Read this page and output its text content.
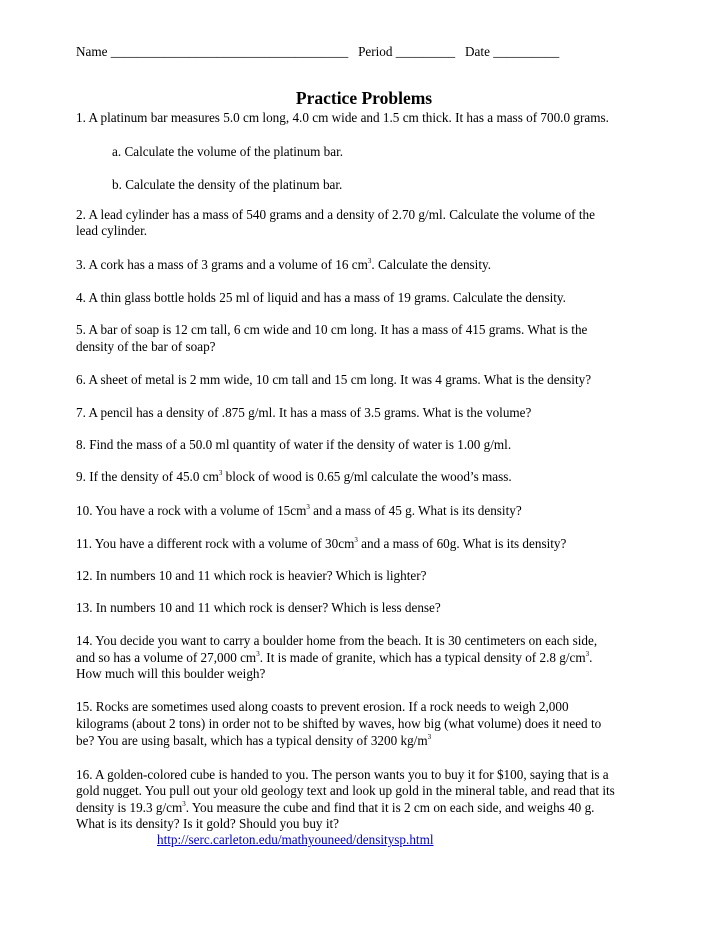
Name ____________________________________ Period _________ Date __________
Practice Problems
1. A platinum bar measures 5.0 cm long, 4.0 cm wide and 1.5 cm thick. It has a mass of 700.0 grams.
a. Calculate the volume of the platinum bar.
b. Calculate the density of the platinum bar.
2. A lead cylinder has a mass of 540 grams and a density of 2.70 g/ml. Calculate the volume of the
lead cylinder.
3. A cork has a mass of 3 grams and a volume of 16 $cm^3$. Calculate the density.
4. A thin glass bottle holds 25 ml of liquid and has a mass of 19 grams. Calculate the density.
5. A bar of soap is 12 cm tall, 6 cm wide and 10 cm long. It has a mass of 415 grams. What is the
density of the bar of soap?
6. A sheet of metal is 2 mm wide, 10 cm tall and 15 cm long. It was 4 grams. What is the density?
7. A pencil has a density of .875 g/ml. It has a mass of 3.5 grams. What is the volume?
8. Find the mass of a 50.0 ml quantity of water if the density of water is 1.00 g/ml.
9. If the density of 45.0 $cm^3$ block of wood is 0.65 g/ml calculate the wood’s mass.
10. You have a rock with a volume of $15cm^3$ and a mass of 45 g. What is its density?
11. You have a different rock with a volume of $30cm^3$ and a mass of 60g. What is its density?
12. In numbers 10 and 11 which rock is heavier? Which is lighter?
13. In numbers 10 and 11 which rock is denser? Which is less dense?
14. You decide you want to carry a boulder home from the beach. It is 30 centimeters on each side,
and so has a volume of 27,000 $cm^3$. It is made of granite, which has a typical density of 2.8 $g/cm^3$.
How much will this boulder weigh?
15. Rocks are sometimes used along coasts to prevent erosion. If a rock needs to weigh 2,000
kilograms (about 2 tons) in order not to be shifted by waves, how big (what volume) does it need to
be? You are using basalt, which has a typical density of 3200 $kg/m^3$
16. A golden-colored cube is handed to you. The person wants you to buy it for $100, saying that is a
gold nugget. You pull out your old geology text and look up gold in the mineral table, and read that its
density is 19.3 $g/cm^3$. You measure the cube and find that it is 2 cm on each side, and weighs 40 g.
What is its density? Is it gold? Should you buy it?
http://serc.carleton.edu/mathyouneed/densitysp.html
